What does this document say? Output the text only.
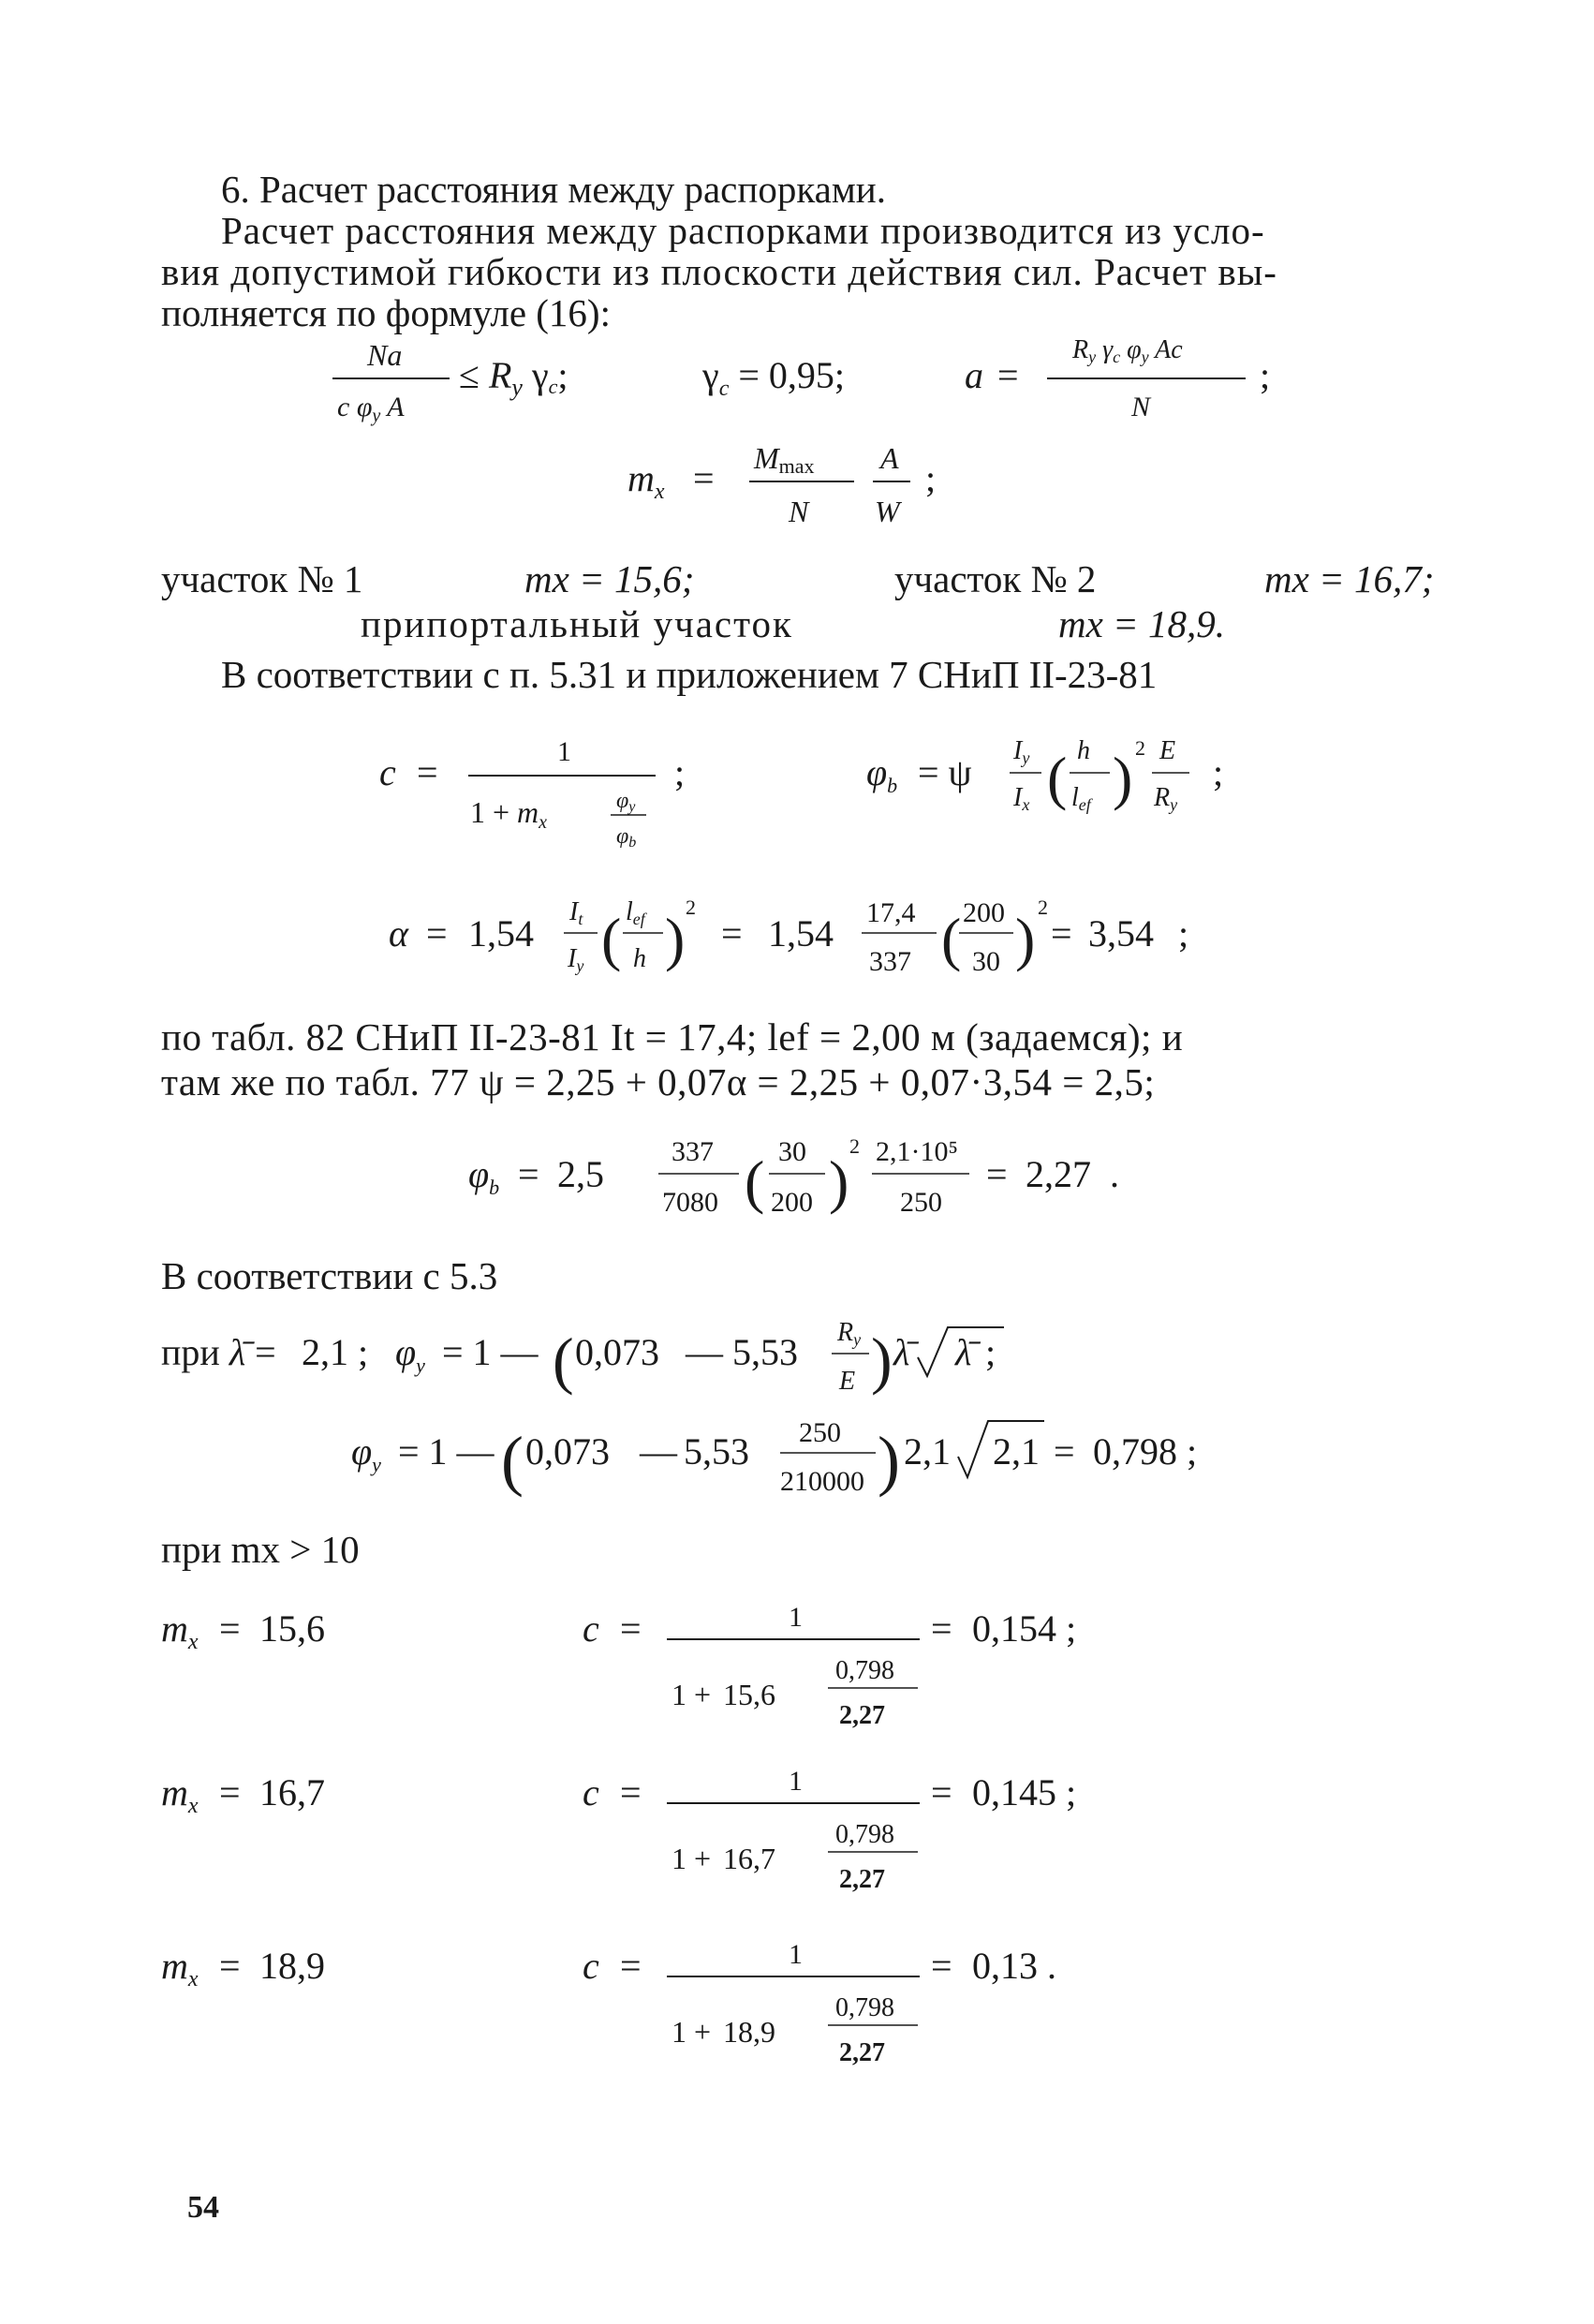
6. Расчет расстояния между распорками.
Расчет расстояния между распорками производится из усло-
вия допустимой гибкости из плоскости действия сил. Расчет вы-
полняется по формуле (16):
Na
c $\varphi_y$ A
≤ $R_y$ γc;	$\gamma_c = 0,95$;	a =
Ry γc φy Ac
N
;
$m_x = Mmax$
N
A
W
;
участок № 1	mx = 15,6;	участок № 2	mx = 16,7;
припортальный участок	mx = 18,9.
В соответствии с п. 5.31 и приложением 7 СНиП II-23-81
c =	1
1 + mx
φy
φb
;	$\varphi_b = \psi$
Iy
Ix ( h
lef ) 2 E
Ry
;
α = 1,54
It
Iy ( lef
h ) 2
= 1,54 17,4
337 ( 200
30 ) 2
= 3,54 ;
по табл. 82 СНиП II-23-81 It = 17,4; lef = 2,00 м (задаемся); и
там же по табл. 77 ψ = 2,25 + 0,07α = 2,25 + 0,07·3,54 = 2,5;
$\varphi_b = 2,5$
337
7080 ( 30
200 )
2 2,1·10⁵
250
= 2,27 .
В соответствии с 5.3
при λ̄ = 2,1 ; $\varphi_y = 1$ — ( 0,073 — 5,53 Ry
E ) λ̄ λ̄ ;
$\varphi_y = 1$ — ( 0,073 — 5,53 250
210000 ) 2,1 2,1 = 0,798 ;
при mx > 10
$m_x = 15,6$	c =	1
1 + 15,6
0,798
2,27
= 0,154 ;
$m_x = 16,7$	c =	1
1 + 16,7
0,798
2,27
= 0,145 ;
$m_x = 18,9$	c =	1
1 + 18,9
0,798
2,27
= 0,13 .
54
